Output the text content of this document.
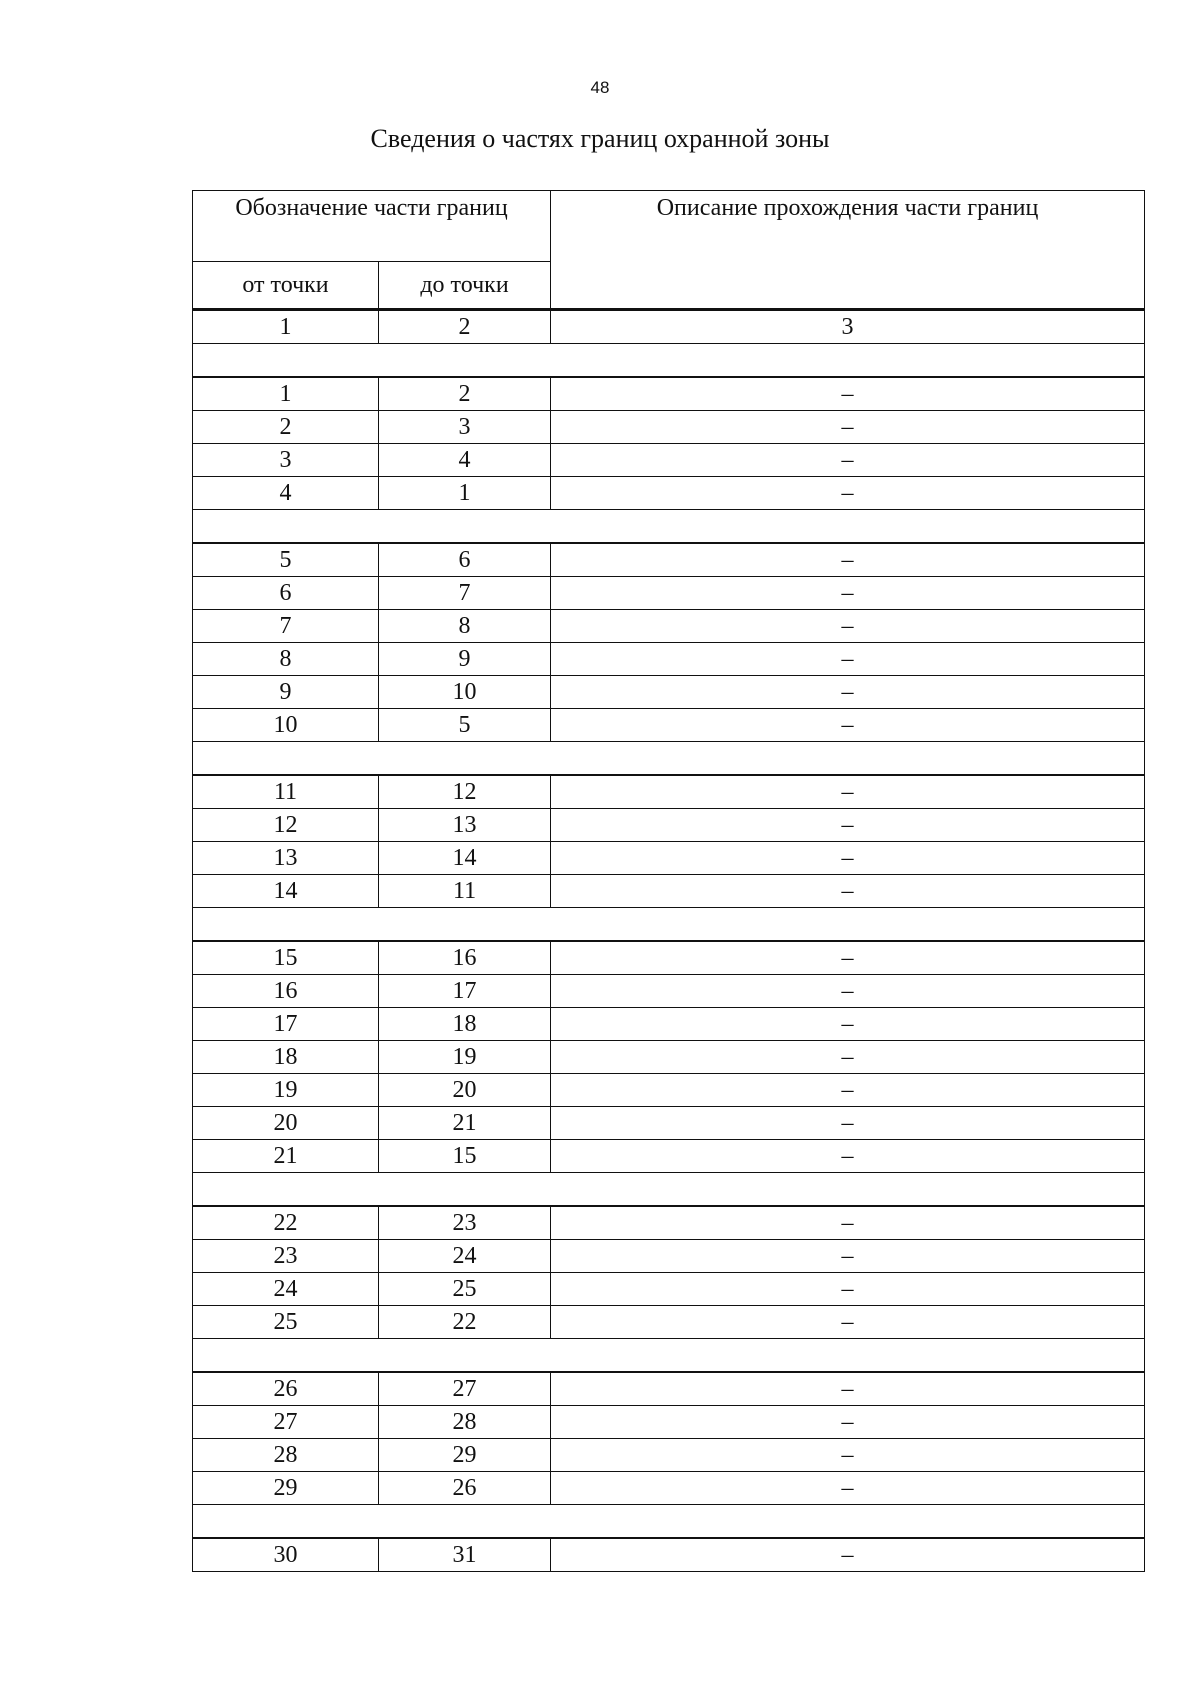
48
Сведения о частях границ охранной зоны
Обозначение части границ		Описание прохождения части границ
от точки	до точки	
1	2	3

1	2	–
2	3	–
3	4	–
4	1	–

5	6	–
6	7	–
7	8	–
8	9	–
9	10	–
10	5	–

11	12	–
12	13	–
13	14	–
14	11	–

15	16	–
16	17	–
17	18	–
18	19	–
19	20	–
20	21	–
21	15	–

22	23	–
23	24	–
24	25	–
25	22	–

26	27	–
27	28	–
28	29	–
29	26	–

30	31	–
